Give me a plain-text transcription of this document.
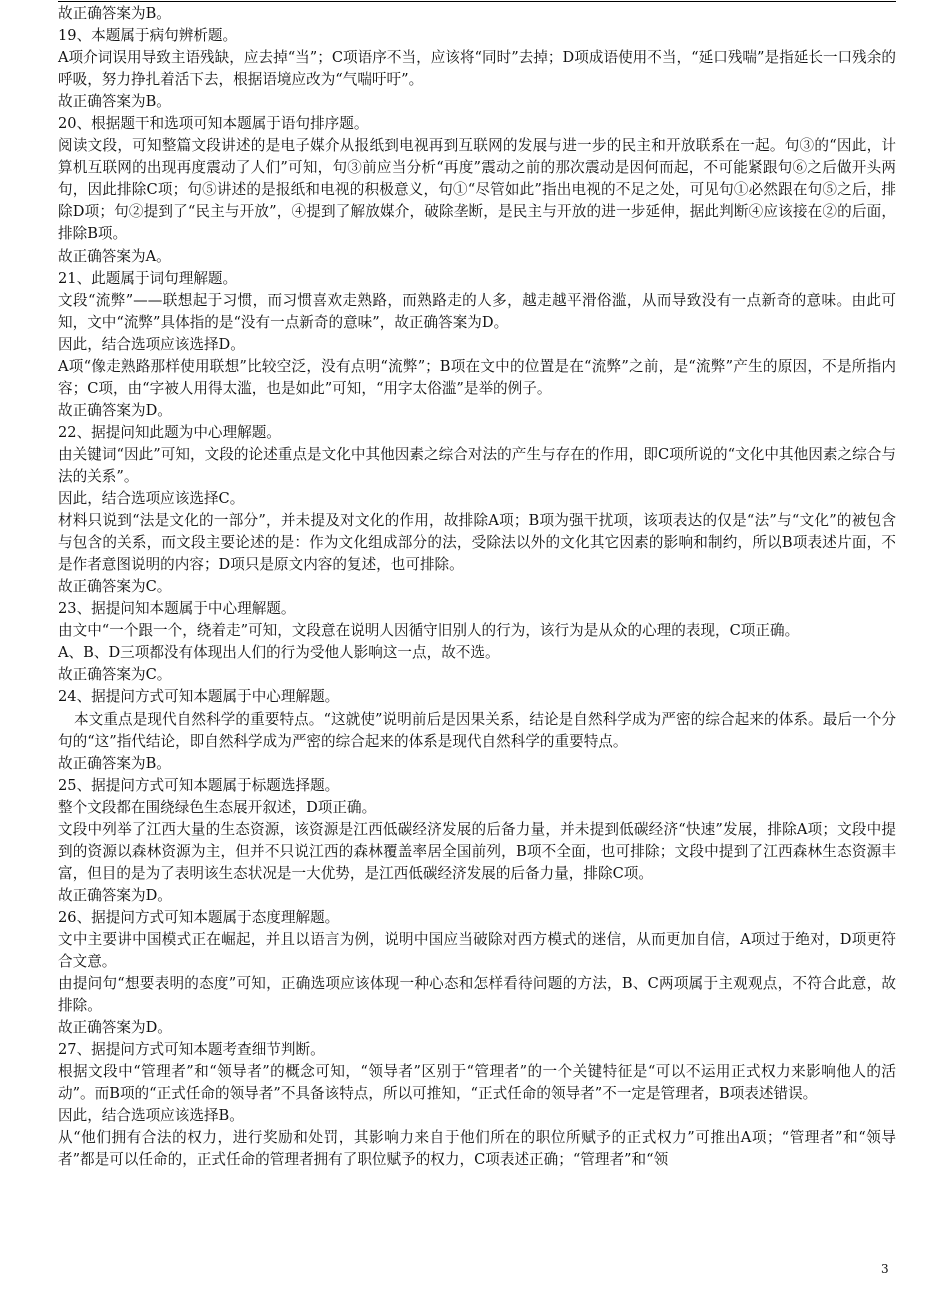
故正确答案为B。

19、本题属于病句辨析题。

A项介词误用导致主语残缺，应去掉“当”；C项语序不当，应该将“同时”去掉；D项成语使用不当，“延口残喘”是指延长一口残余的呼吸，努力挣扎着活下去，根据语境应改为“气喘吁吁”。

故正确答案为B。

20、根据题干和选项可知本题属于语句排序题。

阅读文段，可知整篇文段讲述的是电子媒介从报纸到电视再到互联网的发展与进一步的民主和开放联系在一起。句③的“因此，计算机互联网的出现再度震动了人们”可知，句③前应当分析“再度”震动之前的那次震动是因何而起，不可能紧跟句⑥之后做开头两句，因此排除C项；句⑤讲述的是报纸和电视的积极意义，句①“尽管如此”指出电视的不足之处，可见句①必然跟在句⑤之后，排除D项；句②提到了“民主与开放”，④提到了解放媒介，破除垄断，是民主与开放的进一步延伸，据此判断④应该接在②的后面，排除B项。

故正确答案为A。

21、此题属于词句理解题。

文段“流弊”——联想起于习惯，而习惯喜欢走熟路，而熟路走的人多，越走越平滑俗滥，从而导致没有一点新奇的意味。由此可知，文中“流弊”具体指的是“没有一点新奇的意味”，故正确答案为D。

因此，结合选项应该选择D。

A项“像走熟路那样使用联想”比较空泛，没有点明“流弊”；B项在文中的位置是在“流弊”之前，是“流弊”产生的原因，不是所指内容；C项，由“字被人用得太滥，也是如此”可知，“用字太俗滥”是举的例子。

故正确答案为D。

22、据提问知此题为中心理解题。

由关键词“因此”可知，文段的论述重点是文化中其他因素之综合对法的产生与存在的作用，即C项所说的“文化中其他因素之综合与法的关系”。

因此，结合选项应该选择C。

材料只说到“法是文化的一部分”，并未提及对文化的作用，故排除A项；B项为强干扰项，该项表达的仅是“法”与“文化”的被包含与包含的关系，而文段主要论述的是：作为文化组成部分的法，受除法以外的文化其它因素的影响和制约，所以B项表述片面，不是作者意图说明的内容；D项只是原文内容的复述，也可排除。

故正确答案为C。

23、据提问知本题属于中心理解题。

由文中“一个跟一个，绕着走”可知，文段意在说明人因循守旧别人的行为，该行为是从众的心理的表现，C项正确。

A、B、D三项都没有体现出人们的行为受他人影响这一点，故不选。

故正确答案为C。

24、据提问方式可知本题属于中心理解题。

本文重点是现代自然科学的重要特点。“这就使”说明前后是因果关系，结论是自然科学成为严密的综合起来的体系。最后一个分句的“这”指代结论，即自然科学成为严密的综合起来的体系是现代自然科学的重要特点。

故正确答案为B。

25、据提问方式可知本题属于标题选择题。

整个文段都在围绕绿色生态展开叙述，D项正确。

文段中列举了江西大量的生态资源，该资源是江西低碳经济发展的后备力量，并未提到低碳经济“快速”发展，排除A项；文段中提到的资源以森林资源为主，但并不只说江西的森林覆盖率居全国前列，B项不全面，也可排除；文段中提到了江西森林生态资源丰富，但目的是为了表明该生态状况是一大优势，是江西低碳经济发展的后备力量，排除C项。

故正确答案为D。

26、据提问方式可知本题属于态度理解题。

文中主要讲中国模式正在崛起，并且以语言为例，说明中国应当破除对西方模式的迷信，从而更加自信，A项过于绝对，D项更符合文意。

由提问句“想要表明的态度”可知，正确选项应该体现一种心态和怎样看待问题的方法，B、C两项属于主观观点，不符合此意，故排除。

故正确答案为D。

27、据提问方式可知本题考查细节判断。

根据文段中“管理者”和“领导者”的概念可知，“领导者”区别于“管理者”的一个关键特征是“可以不运用正式权力来影响他人的活动”。而B项的“正式任命的领导者”不具备该特点，所以可推知，“正式任命的领导者”不一定是管理者，B项表述错误。

因此，结合选项应该选择B。

从“他们拥有合法的权力，进行奖励和处罚，其影响力来自于他们所在的职位所赋予的正式权力”可推出A项；“管理者”和“领导者”都是可以任命的，正式任命的管理者拥有了职位赋予的权力，C项表述正确；“管理者”和“领

3
